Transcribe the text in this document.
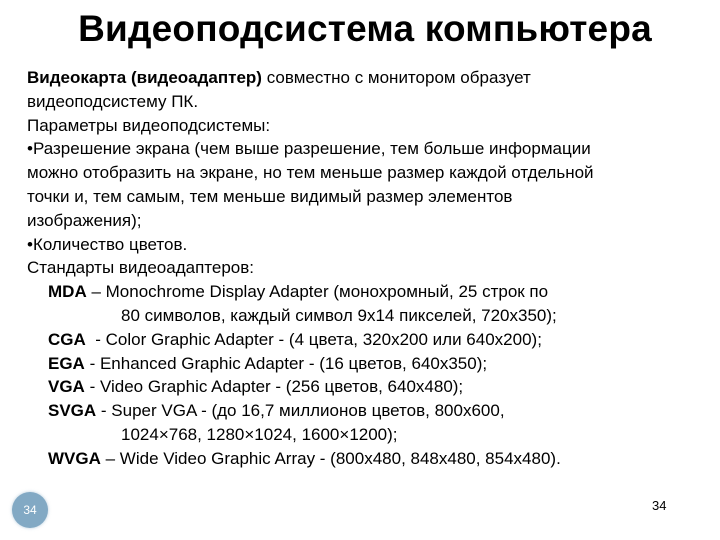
Видеоподсистема компьютера
Видеокарта (видеоадаптер) совместно с монитором образует
видеоподсистему ПК.
Параметры видеоподсистемы:
•Разрешение экрана (чем выше разрешение, тем больше информации
можно отобразить на экране, но тем меньше размер каждой отдельной
точки и, тем самым, тем меньше видимый размер элементов
изображения);
•Количество цветов.
Стандарты видеоадаптеров:
MDA – Monochrome Display Adapter (монохромный, 25 строк по
80 символов, каждый символ 9x14 пикселей, 720x350);
CGA  - Color Graphic Adapter - (4 цвета, 320x200 или 640x200);
EGA - Enhanced Graphic Adapter - (16 цветов, 640x350);
VGA - Video Graphic Adapter - (256 цветов, 640x480);
SVGA - Super VGA - (до 16,7 миллионов цветов, 800x600,
1024×768, 1280×1024, 1600×1200);
WVGA – Wide Video Graphic Array - (800x480, 848x480, 854x480).
34	34
